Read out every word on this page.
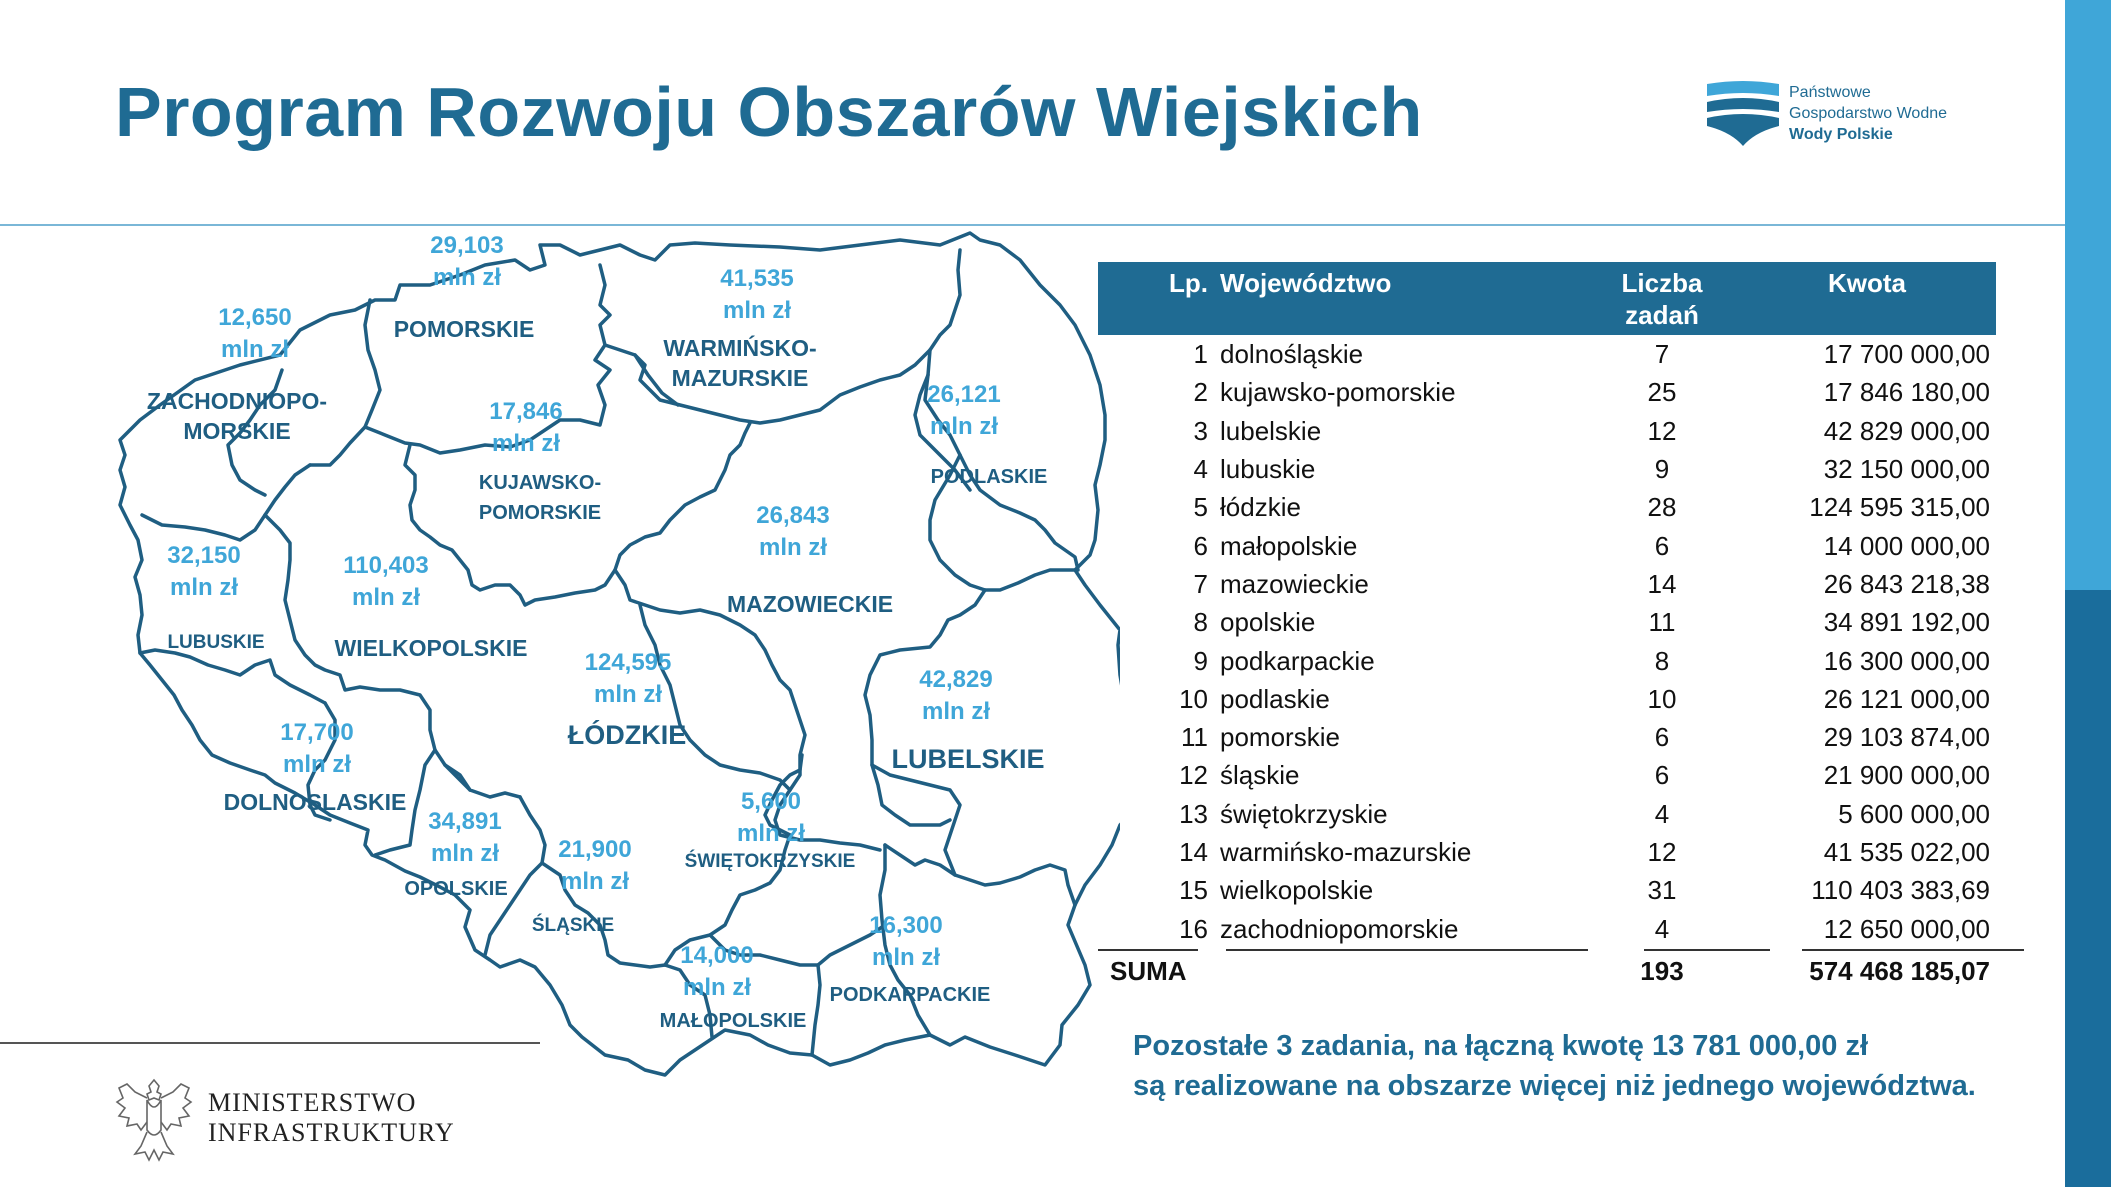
Program Rozwoju Obszarów Wiejskich	Państwowe
Gospodarstwo Wodne
Wody Polskie
12,650
mln zł
ZACHODNIOPO-
MORSKIE
29,103
mln zł
POMORSKIE
41,535
mln zł
WARMIŃSKO-
MAZURSKIE
26,121
mln zł
PODLASKIE
17,846
mln zł
KUJAWSKO-
POMORSKIE
32,150
mln zł
LUBUSKIE
110,403
mln zł
WIELKOPOLSKIE
26,843
mln zł
MAZOWIECKIE
124,595
mln zł
ŁÓDZKIE
42,829
mln zł
LUBELSKIE
17,700
mln zł
DOLNOSLASKIE
34,891
mln zł
OPOLSKIE
21,900
mln zł
ŚLĄSKIE
5,600
mln zł
ŚWIĘTOKRZYSKIE
14,000
mln zł
MAŁOPOLSKIE
16,300
mln zł
PODKARPACKIE
Lp.	Województwo	Liczba
zadań	Kwota
1	dolnośląskie	7	17 700 000,00
2	kujawsko-pomorskie	25	17 846 180,00
3	lubelskie	12	42 829 000,00
4	lubuskie	9	32 150 000,00
5	łódzkie	28	124 595 315,00
6	małopolskie	6	14 000 000,00
7	mazowieckie	14	26 843 218,38
8	opolskie	11	34 891 192,00
9	podkarpackie	8	16 300 000,00
10	podlaskie	10	26 121 000,00
11	pomorskie	6	29 103 874,00
12	śląskie	6	21 900 000,00
13	świętokrzyskie	4	5 600 000,00
14	warmińsko-mazurskie	12	41 535 022,00
15	wielkopolskie	31	110 403 383,69
16	zachodniopomorskie	4	12 650 000,00
SUMA		193	574 468 185,07
Pozostałe 3 zadania, na łączną kwotę 13 781 000,00 zł
są realizowane na obszarze więcej niż jednego województwa.
MINISTERSTWO
INFRASTRUKTURY
